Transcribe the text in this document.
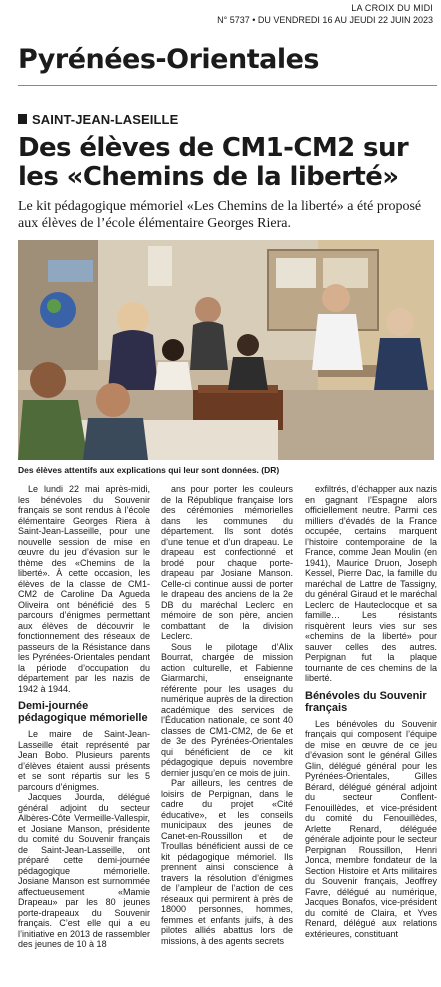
LA CROIX DU MIDI
N° 5737 • DU VENDREDI 16 AU JEUDI 22 JUIN 2023
Pyrénées-Orientales
SAINT-JEAN-LASEILLE
Des élèves de CM1-CM2 sur les «Chemins de la liberté»

Le kit pédagogique mémoriel «Les Chemins de la liberté» a été proposé aux élèves de l’école élémentaire Georges Riera.

Des élèves attentifs aux explications qui leur sont données. (DR)

Le lundi 22 mai après-midi, les bénévoles du Souvenir français se sont rendus à l’école élémentaire Georges Riera à Saint-Jean-Lasseille, pour une nouvelle session de mise en œuvre du jeu d’évasion sur le thème des «Chemins de la liberté». À cette occasion, les élèves de la classe de CM1-CM2 de Caroline Da Agueda Oliveira ont bénéficié des 5 parcours d’énigmes permettant aux élèves de découvrir le fonctionnement des réseaux de passeurs de la Résistance dans les Pyrénées-Orientales pendant la période d’occupation du département par les nazis de 1942 à 1944.

Demi-journée pédagogique mémorielle

Le maire de Saint-Jean-Lasseille était représenté par Jean Bobo. Plusieurs parents d’élèves étaient aussi présents et se sont répartis sur les 5 parcours d’énigmes.

Jacques Jourda, délégué général adjoint du secteur Albères-Côte Vermeille-Vallespir, et Josiane Manson, présidente du comité du Souvenir français de Saint-Jean-Lasseille, ont préparé cette demi-journée pédagogique mémorielle. Josiane Manson est surnommée affectueusement «Mamie Drapeau» par les 80 jeunes porte-drapeaux du Souvenir français. C’est elle qui a eu l’initiative en 2013 de rassembler des jeunes de 10 à 18

ans pour porter les couleurs de la République française lors des cérémonies mémorielles dans les communes du département. Ils sont dotés d’une tenue et d’un drapeau. Le drapeau est confectionné et brodé pour chaque porte-drapeau par Josiane Manson. Celle-ci continue aussi de porter le drapeau des anciens de la 2e DB du maréchal Leclerc en mémoire de son père, ancien combattant de la division Leclerc.

Sous le pilotage d’Alix Bourrat, chargée de mission action culturelle, et Fabienne Giarmarchi, enseignante référente pour les usages du numérique auprès de la direction académique des services de l’Éducation nationale, ce sont 40 classes de CM1-CM2, de 6e et de 3e des Pyrénées-Orientales qui bénéficient de ce kit pédagogique depuis novembre dernier jusqu’en ce mois de juin.

Par ailleurs, les centres de loisirs de Perpignan, dans le cadre du projet «Cité éducative», et les conseils municipaux des jeunes de Canet-en-Roussillon et de Troullas bénéficient aussi de ce kit pédagogique mémoriel. Ils prennent ainsi conscience à travers la résolution d’énigmes de l’ampleur de l’action de ces réseaux qui permirent à près de 18000 personnes, hommes, femmes et enfants juifs, à des pilotes alliés abattus lors de missions, à des agents secrets

exfiltrés, d’échapper aux nazis en gagnant l’Espagne alors officiellement neutre. Parmi ces milliers d’évadés de la France occupée, certains marquent l’histoire contemporaine de la France, comme Jean Moulin (en 1941), Maurice Druon, Joseph Kessel, Pierre Dac, la famille du maréchal de Lattre de Tassigny, du général Giraud et le maréchal Leclerc de Hauteclocque et sa famille… Les résistants risquèrent leurs vies sur ses «chemins de la liberté» pour sauver celles des autres. Perpignan fut la plaque tournante de ces chemins de la liberté.

Bénévoles du Souvenir français

Les bénévoles du Souvenir français qui composent l’équipe de mise en œuvre de ce jeu d’évasion sont le général Gilles Glin, délégué général pour les Pyrénées-Orientales, Gilles Bérard, délégué général adjoint du secteur Conflent-Fenouillèdes, et vice-président du comité du Fenouillèdes, Arlette Renard, déléguée générale adjointe pour le secteur Perpignan Roussillon, Henri Jonca, membre fondateur de la Section Histoire et Arts militaires du Souvenir français, Jeoffrey Favre, délégué au numérique, Jacques Bonafos, vice-président du comité de Claira, et Yves Renard, délégué aux relations extérieures, constituant
